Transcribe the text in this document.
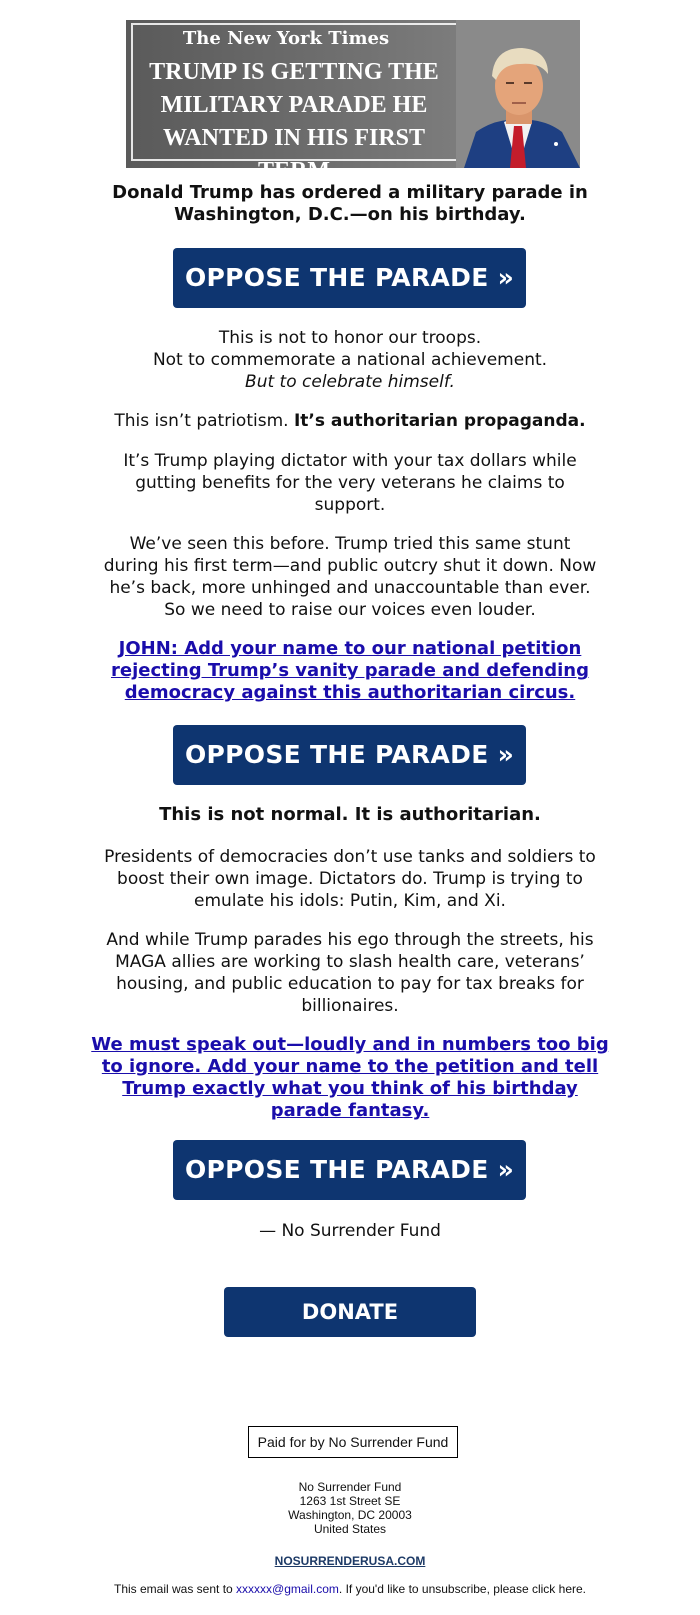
The New York Times
TRUMP IS GETTING THE
MILITARY PARADE HE
WANTED IN HIS FIRST TERM
Donald Trump has ordered a military parade in
Washington, D.C.—on his birthday.
OPPOSE THE PARADE »
This is not to honor our troops.
Not to commemorate a national achievement.
But to celebrate himself.
This isn’t patriotism. It’s authoritarian propaganda.
It’s Trump playing dictator with your tax dollars while
gutting benefits for the very veterans he claims to
support.
We’ve seen this before. Trump tried this same stunt
during his first term—and public outcry shut it down. Now
he’s back, more unhinged and unaccountable than ever.
So we need to raise our voices even louder.
JOHN: Add your name to our national petition
rejecting Trump’s vanity parade and defending
democracy against this authoritarian circus.
OPPOSE THE PARADE »
This is not normal. It is authoritarian.
Presidents of democracies don’t use tanks and soldiers to
boost their own image. Dictators do. Trump is trying to
emulate his idols: Putin, Kim, and Xi.
And while Trump parades his ego through the streets, his
MAGA allies are working to slash health care, veterans’
housing, and public education to pay for tax breaks for
billionaires.
We must speak out—loudly and in numbers too big
to ignore. Add your name to the petition and tell
Trump exactly what you think of his birthday
parade fantasy.
OPPOSE THE PARADE »
— No Surrender Fund
DONATE
Paid for by No Surrender Fund
No Surrender Fund
1263 1st Street SE
Washington, DC 20003
United States
NOSURRENDERUSA.COM
This email was sent to xxxxxx@gmail.com. If you'd like to unsubscribe, please click here.
